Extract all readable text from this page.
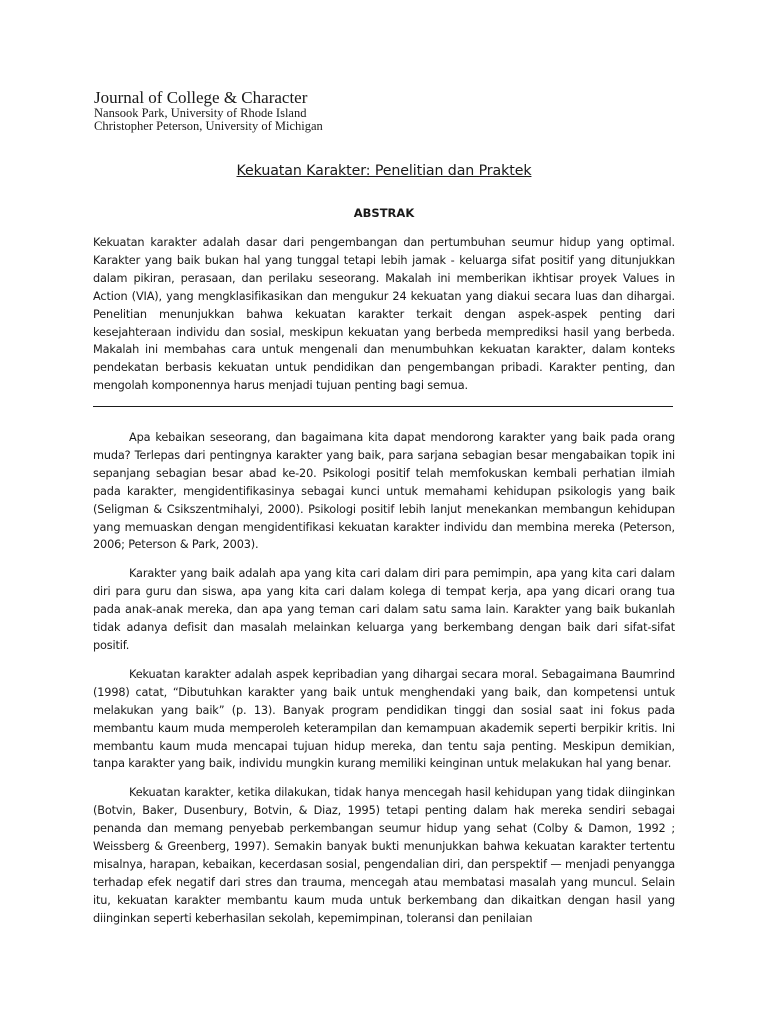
Journal of College & Character
Nansook Park, University of Rhode Island
Christopher Peterson, University of Michigan
Kekuatan Karakter: Penelitian dan Praktek
ABSTRAK
Kekuatan karakter adalah dasar dari pengembangan dan pertumbuhan seumur hidup yang optimal. Karakter yang baik bukan hal yang tunggal tetapi lebih jamak - keluarga sifat positif yang ditunjukkan dalam pikiran, perasaan, dan perilaku seseorang. Makalah ini memberikan ikhtisar proyek Values in Action (VIA), yang mengklasifikasikan dan mengukur 24 kekuatan yang diakui secara luas dan dihargai. Penelitian menunjukkan bahwa kekuatan karakter terkait dengan aspek-aspek penting dari kesejahteraan individu dan sosial, meskipun kekuatan yang berbeda memprediksi hasil yang berbeda. Makalah ini membahas cara untuk mengenali dan menumbuhkan kekuatan karakter, dalam konteks pendekatan berbasis kekuatan untuk pendidikan dan pengembangan pribadi. Karakter penting, dan mengolah komponennya harus menjadi tujuan penting bagi semua.

Apa kebaikan seseorang, dan bagaimana kita dapat mendorong karakter yang baik pada orang muda? Terlepas dari pentingnya karakter yang baik, para sarjana sebagian besar mengabaikan topik ini sepanjang sebagian besar abad ke-20. Psikologi positif telah memfokuskan kembali perhatian ilmiah pada karakter, mengidentifikasinya sebagai kunci untuk memahami kehidupan psikologis yang baik (Seligman & Csikszentmihalyi, 2000). Psikologi positif lebih lanjut menekankan membangun kehidupan yang memuaskan dengan mengidentifikasi kekuatan karakter individu dan membina mereka (Peterson, 2006; Peterson & Park, 2003).

Karakter yang baik adalah apa yang kita cari dalam diri para pemimpin, apa yang kita cari dalam diri para guru dan siswa, apa yang kita cari dalam kolega di tempat kerja, apa yang dicari orang tua pada anak-anak mereka, dan apa yang teman cari dalam satu sama lain. Karakter yang baik bukanlah tidak adanya defisit dan masalah melainkan keluarga yang berkembang dengan baik dari sifat-sifat positif.

Kekuatan karakter adalah aspek kepribadian yang dihargai secara moral. Sebagaimana Baumrind (1998) catat, “Dibutuhkan karakter yang baik untuk menghendaki yang baik, dan kompetensi untuk melakukan yang baik” (p. 13). Banyak program pendidikan tinggi dan sosial saat ini fokus pada membantu kaum muda memperoleh keterampilan dan kemampuan akademik seperti berpikir kritis. Ini membantu kaum muda mencapai tujuan hidup mereka, dan tentu saja penting. Meskipun demikian, tanpa karakter yang baik, individu mungkin kurang memiliki keinginan untuk melakukan hal yang benar.

Kekuatan karakter, ketika dilakukan, tidak hanya mencegah hasil kehidupan yang tidak diinginkan (Botvin, Baker, Dusenbury, Botvin, & Diaz, 1995) tetapi penting dalam hak mereka sendiri sebagai penanda dan memang penyebab perkembangan seumur hidup yang sehat (Colby & Damon, 1992 ; Weissberg & Greenberg, 1997). Semakin banyak bukti menunjukkan bahwa kekuatan karakter tertentu misalnya, harapan, kebaikan, kecerdasan sosial, pengendalian diri, dan perspektif — menjadi penyangga terhadap efek negatif dari stres dan trauma, mencegah atau membatasi masalah yang muncul. Selain itu, kekuatan karakter membantu kaum muda untuk berkembang dan dikaitkan dengan hasil yang diinginkan seperti keberhasilan sekolah, kepemimpinan, toleransi dan penilaian
